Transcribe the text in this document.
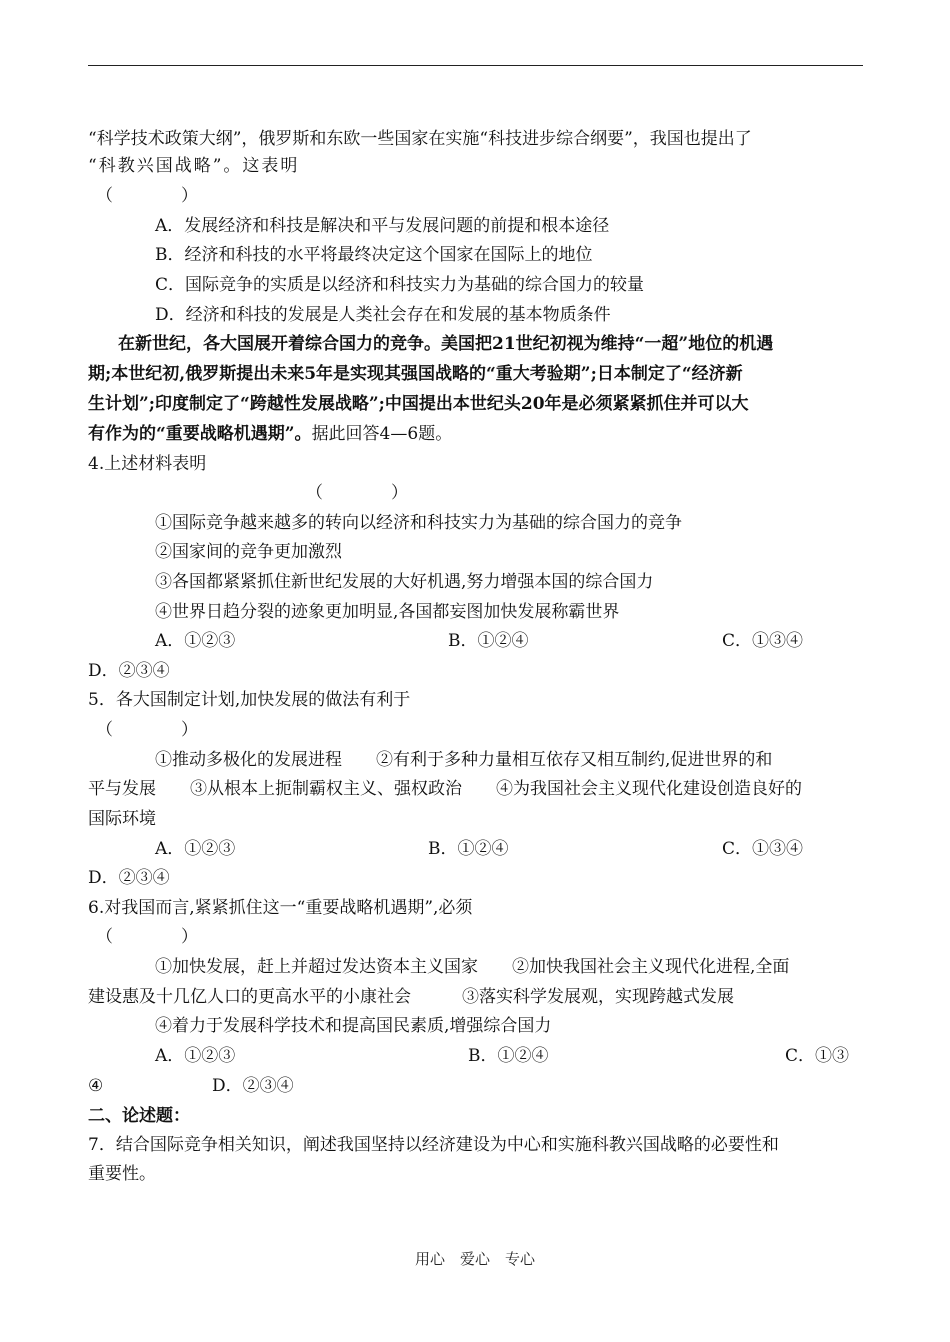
“科学技术政策大纲”，俄罗斯和东欧一些国家在实施“科技进步综合纲要”，我国也提出了
“科教兴国战略”。这表明
（　　　　）
A．发展经济和科技是解决和平与发展问题的前提和根本途径
B．经济和科技的水平将最终决定这个国家在国际上的地位
C．国际竞争的实质是以经济和科技实力为基础的综合国力的较量
D．经济和科技的发展是人类社会存在和发展的基本物质条件
在新世纪，各大国展开着综合国力的竞争。美国把21世纪初视为维持“一超”地位的机遇
期;本世纪初,俄罗斯提出未来5年是实现其强国战略的“重大考验期”;日本制定了“经济新
生计划”;印度制定了“跨越性发展战略”;中国提出本世纪头20年是必须紧紧抓住并可以大
有作为的“重要战略机遇期”。据此回答4—6题。
4.上述材料表明
（　　　　）
①国际竞争越来越多的转向以经济和科技实力为基础的综合国力的竞争
②国家间的竞争更加激烈
③各国都紧紧抓住新世纪发展的大好机遇,努力增强本国的综合国力
④世界日趋分裂的迹象更加明显,各国都妄图加快发展称霸世界
A．①②③	B．①②④	C．①③④
D．②③④
5．各大国制定计划,加快发展的做法有利于
（　　　　）
①推动多极化的发展进程　　②有利于多种力量相互依存又相互制约,促进世界的和
平与发展　　③从根本上扼制霸权主义、强权政治　　④为我国社会主义现代化建设创造良好的
国际环境
A．①②③	B．①②④	C．①③④
D．②③④
6.对我国而言,紧紧抓住这一“重要战略机遇期”,必须
（　　　　）
①加快发展，赶上并超过发达资本主义国家　　②加快我国社会主义现代化进程,全面
建设惠及十几亿人口的更高水平的小康社会　　　③落实科学发展观，实现跨越式发展
④着力于发展科学技术和提高国民素质,增强综合国力
A．①②③	B．①②④	C．①③
④	D．②③④
二、论述题：
7．结合国际竞争相关知识，阐述我国坚持以经济建设为中心和实施科教兴国战略的必要性和
重要性。
用心　爱心　专心
